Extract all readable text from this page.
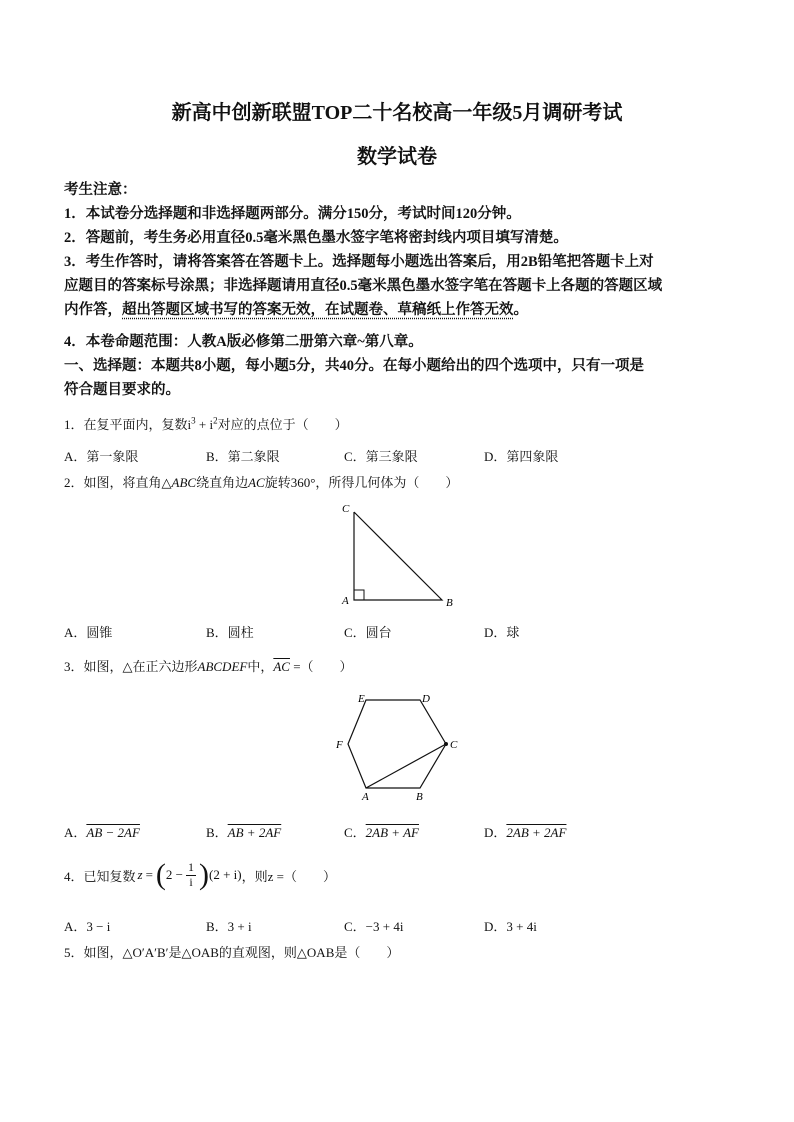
新高中创新联盟TOP二十名校高一年级5月调研考试
数学试卷
考生注意：
1．本试卷分选择题和非选择题两部分。满分150分，考试时间120分钟。
2．答题前，考生务必用直径0.5毫米黑色墨水签字笔将密封线内项目填写清楚。
3．考生作答时，请将答案答在答题卡上。选择题每小题选出答案后，用2B铅笔把答题卡上对
应题目的答案标号涂黑；非选择题请用直径0.5毫米黑色墨水签字笔在答题卡上各题的答题区域
内作答，超出答题区域书写的答案无效，在试题卷、草稿纸上作答无效。
4．本卷命题范围：人教A版必修第二册第六章~第八章。
一、选择题：本题共8小题，每小题5分，共40分。在每小题给出的四个选项中，只有一项是
符合题目要求的。
1．在复平面内，复数$i^3 + i^2$对应的点位于（　　）
A．第一象限	B．第二象限	C．第三象限	D．第四象限
2．如图，将直角△ABC绕直角边AC旋转360°，所得几何体为（　　）
C
A	B
A．圆锥	B．圆柱	C．圆台	D．球
3．如图，△在正六边形ABCDEF中，$\overline{AC}$ =（　　）
E	D
F	C
A	B
A．AB − 2AF	B．AB + 2AF	C．2AB + AF	D．2AB + 2AF
4．已知复数 z = ( $2 - \frac{1}{i}$ ) (2 + i) ，则z =（　　）
A．3 − i	B．3 + i	C．−3 + 4i	D．3 + 4i
5．如图，△O′A′B′是△OAB的直观图，则△OAB是（　　）
